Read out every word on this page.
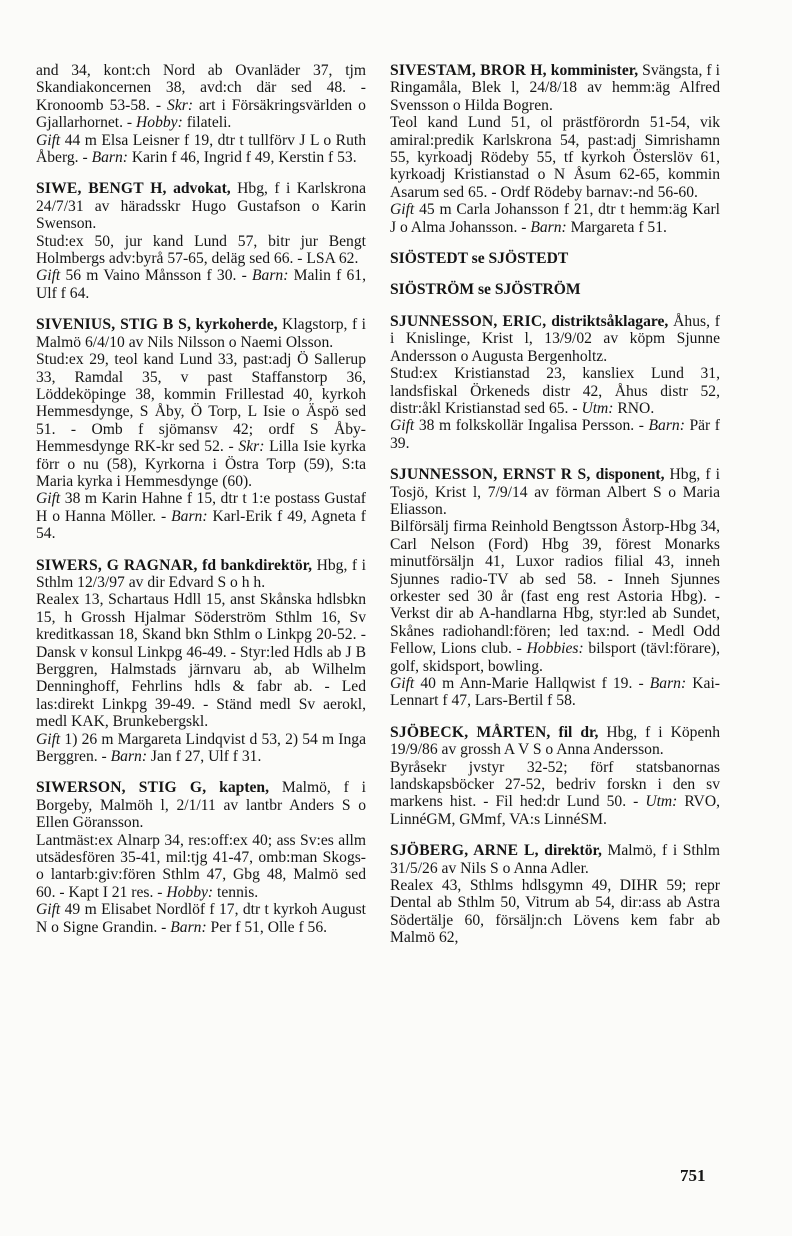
and 34, kont:ch Nord ab Ovanläder 37, tjm Skandiakoncernen 38, avd:ch där sed 48. - Kronoomb 53-58. - Skr: art i Försäkringsvärlden o Gjallarhornet. - Hobby: filateli.

Gift 44 m Elsa Leisner f 19, dtr t tullförv J L o Ruth Åberg. - Barn: Karin f 46, Ingrid f 49, Kerstin f 53.

SIWE, BENGT H, advokat, Hbg, f i Karlskrona 24/7/31 av häradsskr Hugo Gustafson o Karin Swenson.

Stud:ex 50, jur kand Lund 57, bitr jur Bengt Holmbergs adv:byrå 57-65, deläg sed 66. - LSA 62.

Gift 56 m Vaino Månsson f 30. - Barn: Malin f 61, Ulf f 64.

SIVENIUS, STIG B S, kyrkoherde, Klagstorp, f i Malmö 6/4/10 av Nils Nilsson o Naemi Olsson.

Stud:ex 29, teol kand Lund 33, past:adj Ö Sallerup 33, Ramdal 35, v past Staffanstorp 36, Löddeköpinge 38, kommin Frillestad 40, kyrkoh Hemmesdynge, S Åby, Ö Torp, L Isie o Äspö sed 51. - Omb f sjömansv 42; ordf S Åby-Hemmesdynge RK-kr sed 52. - Skr: Lilla Isie kyrka förr o nu (58), Kyrkorna i Östra Torp (59), S:ta Maria kyrka i Hemmesdynge (60).

Gift 38 m Karin Hahne f 15, dtr t 1:e postass Gustaf H o Hanna Möller. - Barn: Karl-Erik f 49, Agneta f 54.

SIWERS, G RAGNAR, fd bankdirektör, Hbg, f i Sthlm 12/3/97 av dir Edvard S o h h.

Realex 13, Schartaus Hdll 15, anst Skånska hdlsbkn 15, h Grossh Hjalmar Söderström Sthlm 16, Sv kreditkassan 18, Skand bkn Sthlm o Linkpg 20-52. - Dansk v konsul Linkpg 46-49. - Styr:led Hdls ab J B Berggren, Halmstads järnvaru ab, ab Wilhelm Denninghoff, Fehrlins hdls & fabr ab. - Led las:direkt Linkpg 39-49. - Ständ medl Sv aerokl, medl KAK, Brunkebergskl.

Gift 1) 26 m Margareta Lindqvist d 53, 2) 54 m Inga Berggren. - Barn: Jan f 27, Ulf f 31.

SIWERSON, STIG G, kapten, Malmö, f i Borgeby, Malmöh l, 2/1/11 av lantbr Anders S o Ellen Göransson.

Lantmäst:ex Alnarp 34, res:off:ex 40; ass Sv:es allm utsädesfören 35-41, mil:tjg 41-47, omb:man Skogs- o lantarb:giv:fören Sthlm 47, Gbg 48, Malmö sed 60. - Kapt I 21 res. - Hobby: tennis.

Gift 49 m Elisabet Nordlöf f 17, dtr t kyrkoh August N o Signe Grandin. - Barn: Per f 51, Olle f 56.

SIVESTAM, BROR H, komminister, Svängsta, f i Ringamåla, Blek l, 24/8/18 av hemm:äg Alfred Svensson o Hilda Bogren.

Teol kand Lund 51, ol prästförordn 51-54, vik amiral:predik Karlskrona 54, past:adj Simrishamn 55, kyrkoadj Rödeby 55, tf kyrkoh Österslöv 61, kyrkoadj Kristianstad o N Åsum 62-65, kommin Asarum sed 65. - Ordf Rödeby barnav:-nd 56-60.

Gift 45 m Carla Johansson f 21, dtr t hemm:äg Karl J o Alma Johansson. - Barn: Margareta f 51.

SIÖSTEDT se SJÖSTEDT
SIÖSTRÖM se SJÖSTRÖM

SJUNNESSON, ERIC, distriktsåklagare, Åhus, f i Knislinge, Krist l, 13/9/02 av köpm Sjunne Andersson o Augusta Bergenholtz.

Stud:ex Kristianstad 23, kansliex Lund 31, landsfiskal Örkeneds distr 42, Åhus distr 52, distr:åkl Kristianstad sed 65. - Utm: RNO.

Gift 38 m folkskollär Ingalisa Persson. - Barn: Pär f 39.

SJUNNESSON, ERNST R S, disponent, Hbg, f i Tosjö, Krist l, 7/9/14 av förman Albert S o Maria Eliasson.

Bilförsälj firma Reinhold Bengtsson Åstorp-Hbg 34, Carl Nelson (Ford) Hbg 39, förest Monarks minutförsäljn 41, Luxor radios filial 43, inneh Sjunnes radio-TV ab sed 58. - Inneh Sjunnes orkester sed 30 år (fast eng rest Astoria Hbg). - Verkst dir ab A-handlarna Hbg, styr:led ab Sundet, Skånes radiohandl:fören; led tax:nd. - Medl Odd Fellow, Lions club. - Hobbies: bilsport (tävl:förare), golf, skidsport, bowling.

Gift 40 m Ann-Marie Hallqwist f 19. - Barn: Kai-Lennart f 47, Lars-Bertil f 58.

SJÖBECK, MÅRTEN, fil dr, Hbg, f i Köpenh 19/9/86 av grossh A V S o Anna Andersson.

Byråsekr jvstyr 32-52; förf statsbanornas landskapsböcker 27-52, bedriv forskn i den sv markens hist. - Fil hed:dr Lund 50. - Utm: RVO, LinnéGM, GMmf, VA:s LinnéSM.

SJÖBERG, ARNE L, direktör, Malmö, f i Sthlm 31/5/26 av Nils S o Anna Adler.

Realex 43, Sthlms hdlsgymn 49, DIHR 59; repr Dental ab Sthlm 50, Vitrum ab 54, dir:ass ab Astra Södertälje 60, försäljn:ch Lövens kem fabr ab Malmö 62,

751
